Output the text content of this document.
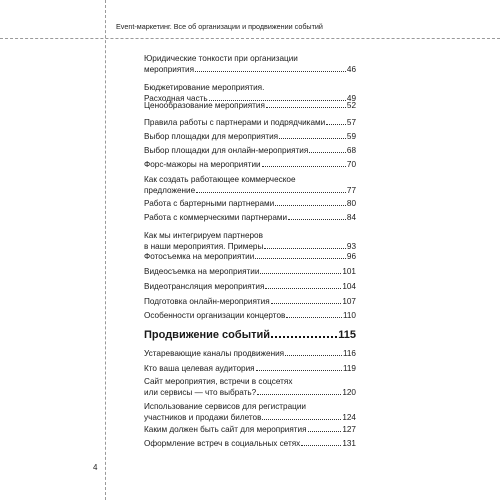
Event-маркетинг. Все об организации и продвижении событий
4
Юридические тонкости при организации
мероприятия	46
Бюджетирование мероприятия.
Расходная часть	49
Ценообразование мероприятия	52
Правила работы с партнерами и подрядчиками	57
Выбор площадки для мероприятия	59
Выбор площадки для онлайн-мероприятия	68
Форс-мажоры на мероприятии	70
Как создать работающее коммерческое
предложение	77
Работа с бартерными партнерами	80
Работа с коммерческими партнерами	84
Как мы интегрируем партнеров
в наши мероприятия. Примеры	93
Фотосъемка на мероприятии	96
Видеосъемка на мероприятии	101
Видеотрансляция мероприятия	104
Подготовка онлайн-мероприятия	107
Особенности организации концертов	110
Продвижение событий	115
Устаревающие каналы продвижения	116
Кто ваша целевая аудитория	119
Сайт мероприятия, встречи в соцсетях
или сервисы — что выбрать?	120
Использование сервисов для регистрации
участников и продажи билетов	124
Каким должен быть сайт для мероприятия	127
Оформление встреч в социальных сетях	131
